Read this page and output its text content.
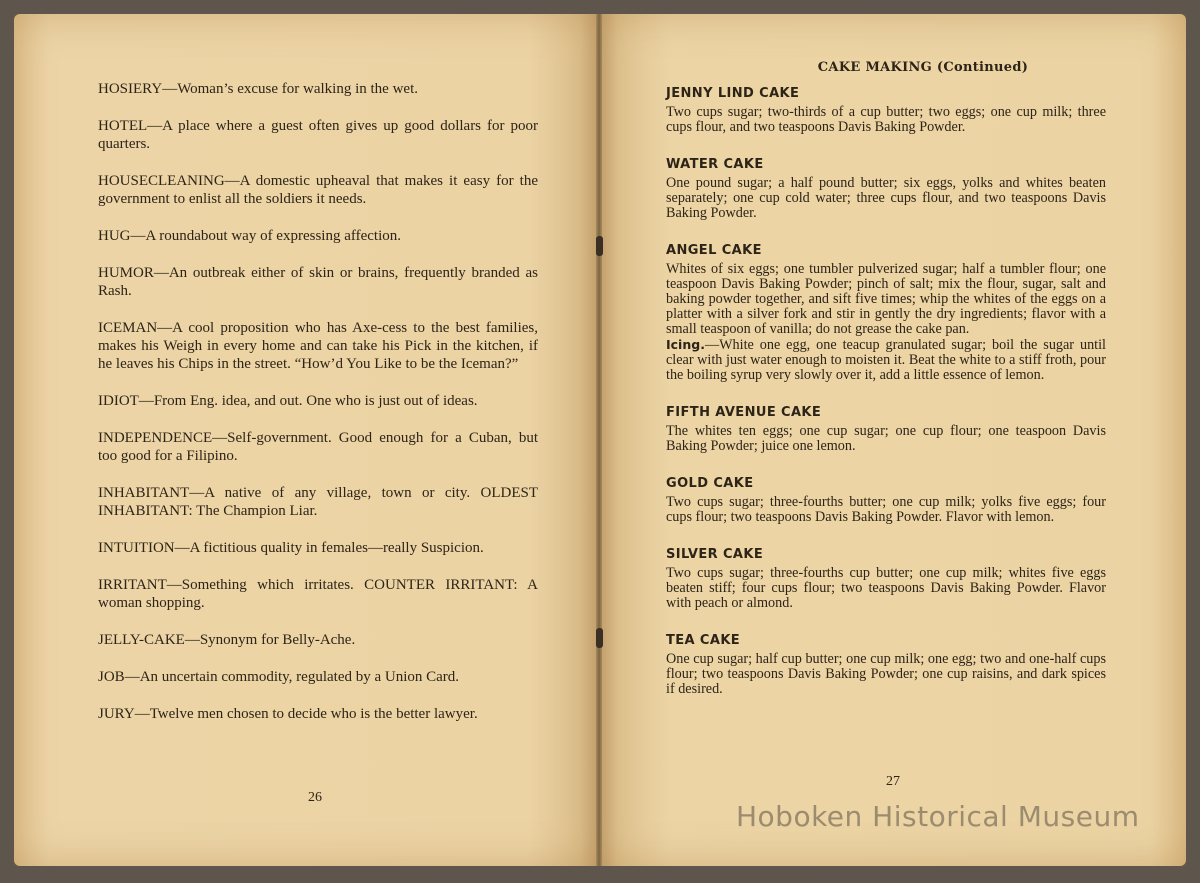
HOSIERY—Woman’s excuse for walking in the wet.

HOTEL—A place where a guest often gives up good dollars for poor quarters.

HOUSECLEANING—A domestic upheaval that makes it easy for the government to enlist all the soldiers it needs.

HUG—A roundabout way of expressing affection.

HUMOR—An outbreak either of skin or brains, frequently branded as Rash.

ICEMAN—A cool proposition who has Axe-cess to the best families, makes his Weigh in every home and can take his Pick in the kitchen, if he leaves his Chips in the street. “How’d You Like to be the Iceman?”

IDIOT—From Eng. idea, and out. One who is just out of ideas.

INDEPENDENCE—Self-government. Good enough for a Cuban, but too good for a Filipino.

INHABITANT—A native of any village, town or city. OLDEST INHABITANT: The Champion Liar.

INTUITION—A fictitious quality in females—really Suspicion.

IRRITANT—Something which irritates. COUNTER IRRITANT: A woman shopping.

JELLY-CAKE—Synonym for Belly-Ache.

JOB—An uncertain commodity, regulated by a Union Card.

JURY—Twelve men chosen to decide who is the better lawyer.

26
CAKE MAKING (Continued)
JENNY LIND CAKE
Two cups sugar; two-thirds of a cup butter; two eggs; one cup milk; three cups flour, and two teaspoons Davis Baking Powder.
WATER CAKE
One pound sugar; a half pound butter; six eggs, yolks and whites beaten separately; one cup cold water; three cups flour, and two teaspoons Davis Baking Powder.
ANGEL CAKE
Whites of six eggs; one tumbler pulverized sugar; half a tumbler flour; one teaspoon Davis Baking Powder; pinch of salt; mix the flour, sugar, salt and baking powder together, and sift five times; whip the whites of the eggs on a platter with a silver fork and stir in gently the dry ingredients; flavor with a small teaspoon of vanilla; do not grease the cake pan.
Icing.—White one egg, one teacup granulated sugar; boil the sugar until clear with just water enough to moisten it. Beat the white to a stiff froth, pour the boiling syrup very slowly over it, add a little essence of lemon.
FIFTH AVENUE CAKE
The whites ten eggs; one cup sugar; one cup flour; one teaspoon Davis Baking Powder; juice one lemon.
GOLD CAKE
Two cups sugar; three-fourths butter; one cup milk; yolks five eggs; four cups flour; two teaspoons Davis Baking Powder. Flavor with lemon.
SILVER CAKE
Two cups sugar; three-fourths cup butter; one cup milk; whites five eggs beaten stiff; four cups flour; two teaspoons Davis Baking Powder. Flavor with peach or almond.
TEA CAKE
One cup sugar; half cup butter; one cup milk; one egg; two and one-half cups flour; two teaspoons Davis Baking Powder; one cup raisins, and dark spices if desired.
27
Hoboken Historical Museum
